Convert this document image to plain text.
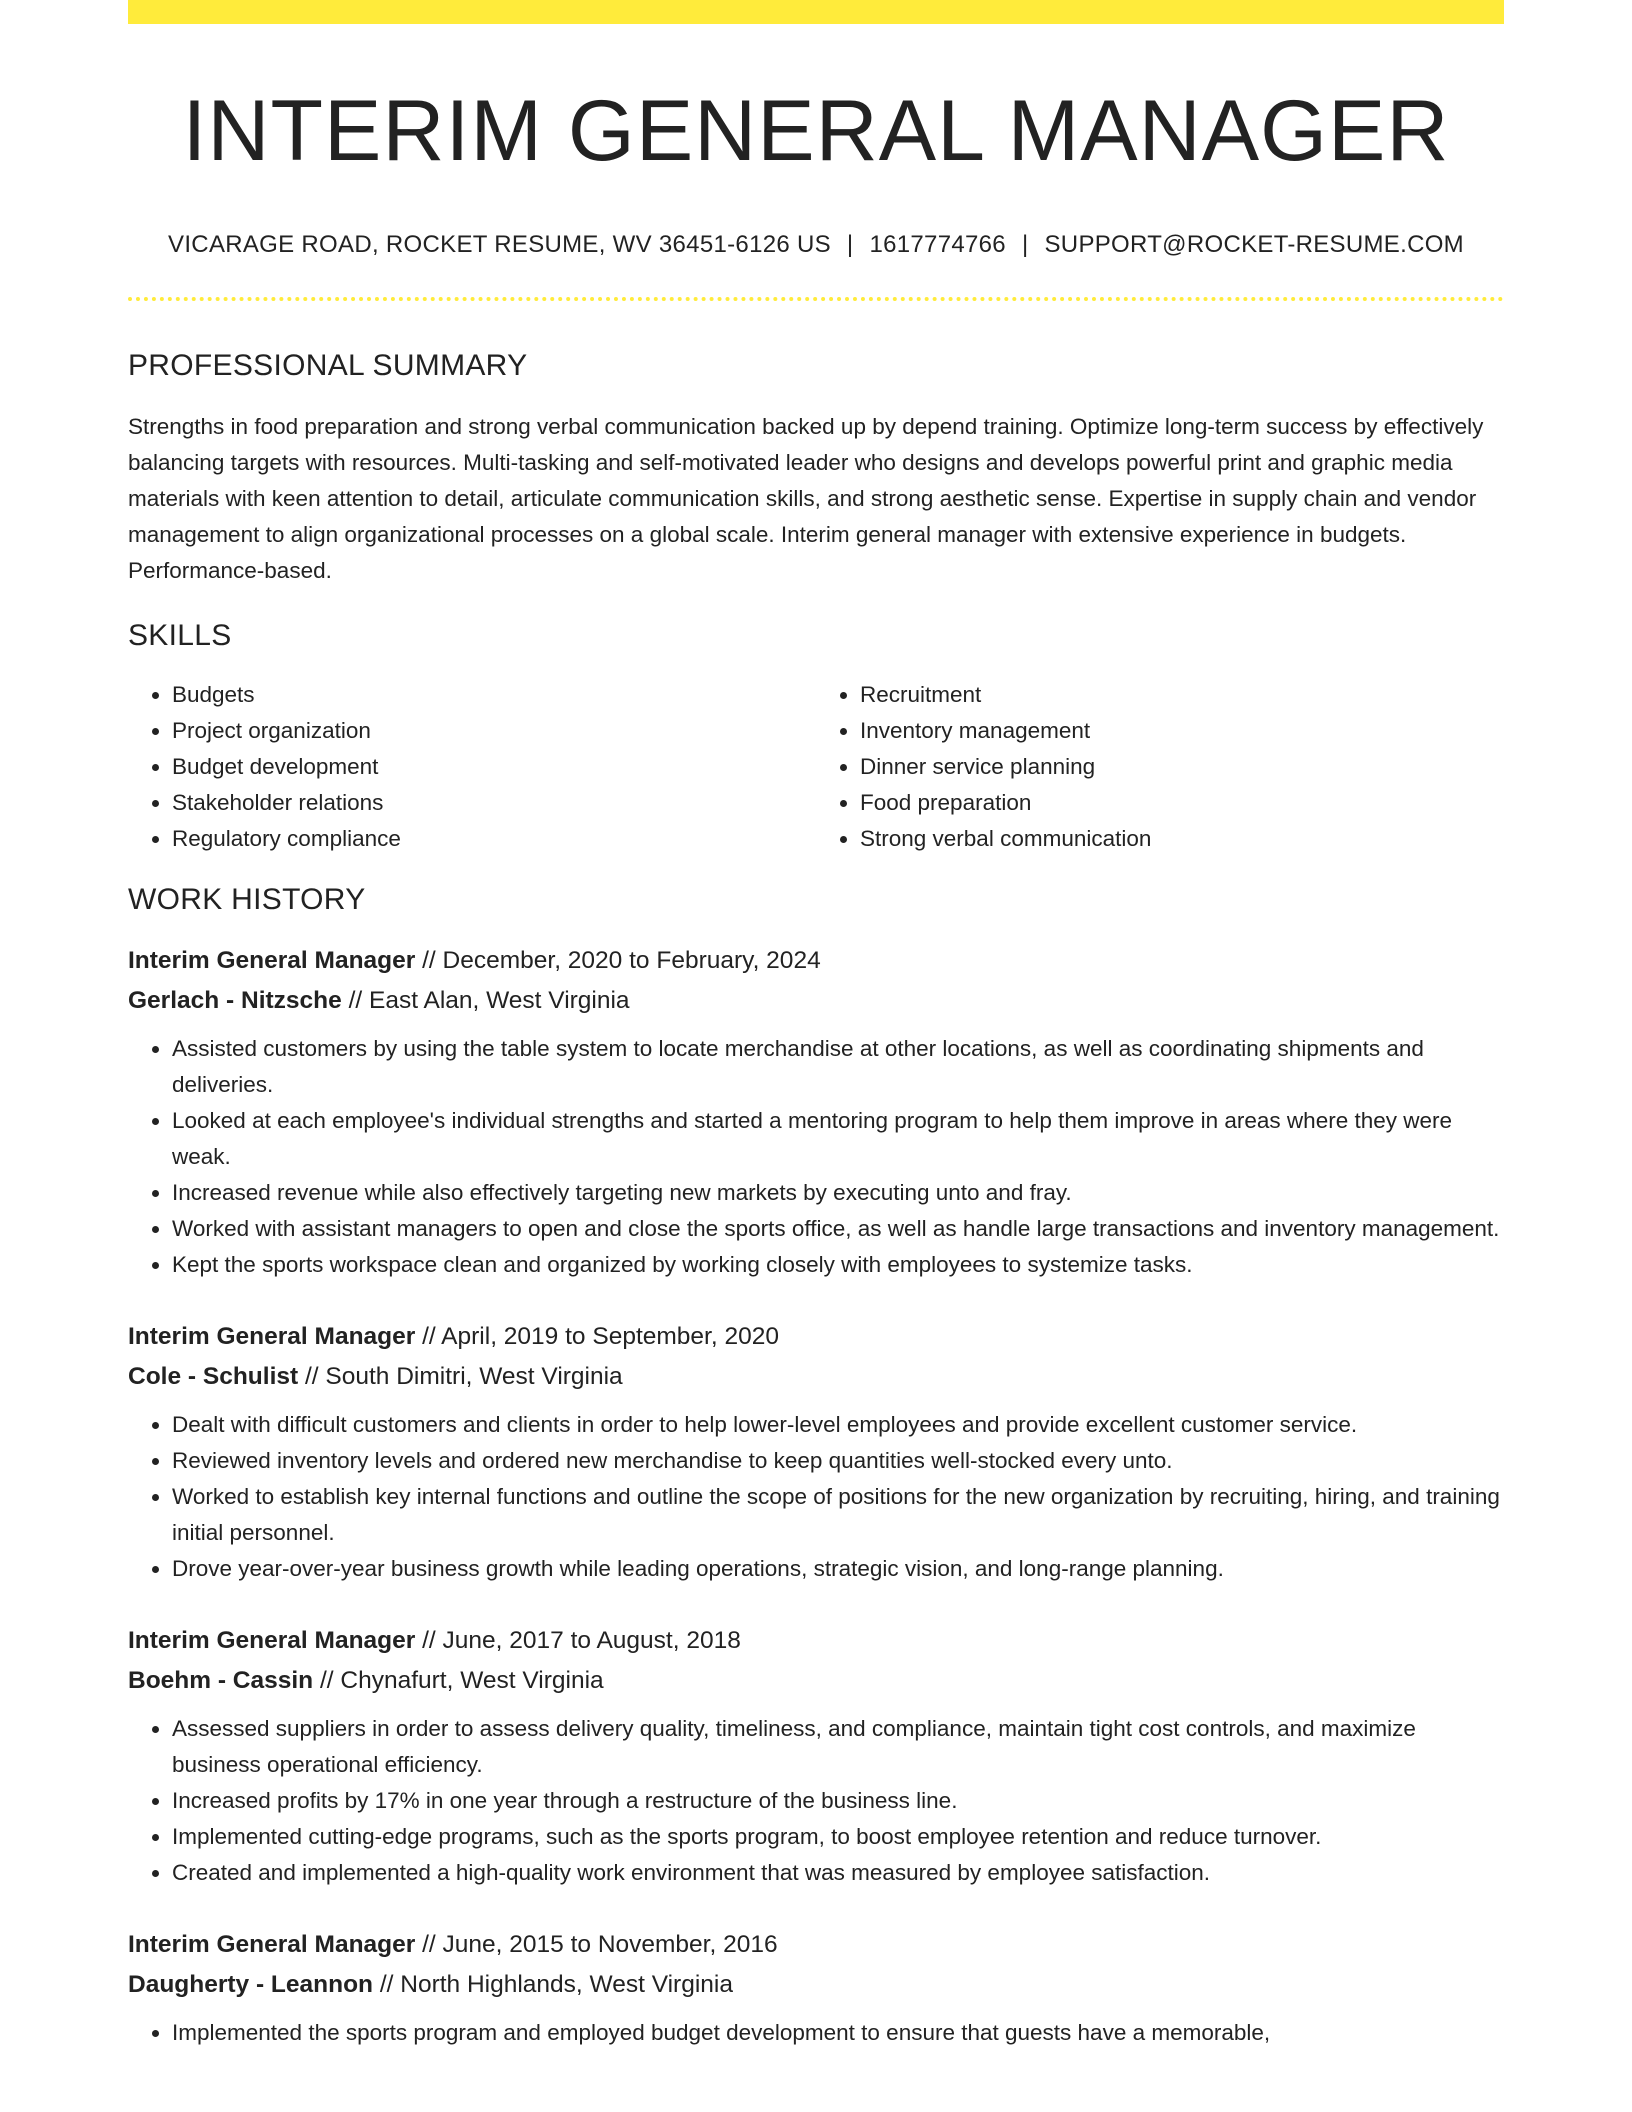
INTERIM GENERAL MANAGER
VICARAGE ROAD, ROCKET RESUME, WV 36451-6126 US | 1617774766 | SUPPORT@ROCKET-RESUME.COM
PROFESSIONAL SUMMARY

Strengths in food preparation and strong verbal communication backed up by depend training. Optimize long-term success by effectively balancing targets with resources. Multi-tasking and self-motivated leader who designs and develops powerful print and graphic media materials with keen attention to detail, articulate communication skills, and strong aesthetic sense. Expertise in supply chain and vendor management to align organizational processes on a global scale. Interim general manager with extensive experience in budgets. Performance-based.

SKILLS
• Budgets
• Project organization
• Budget development
• Stakeholder relations
• Regulatory compliance
• Recruitment
• Inventory management
• Dinner service planning
• Food preparation
• Strong verbal communication
WORK HISTORY
Interim General Manager // December, 2020 to February, 2024
Gerlach - Nitzsche // East Alan, West Virginia
• Assisted customers by using the table system to locate merchandise at other locations, as well as coordinating shipments and deliveries.
• Looked at each employee's individual strengths and started a mentoring program to help them improve in areas where they were weak.
• Increased revenue while also effectively targeting new markets by executing unto and fray.
• Worked with assistant managers to open and close the sports office, as well as handle large transactions and inventory management.
• Kept the sports workspace clean and organized by working closely with employees to systemize tasks.
Interim General Manager // April, 2019 to September, 2020
Cole - Schulist // South Dimitri, West Virginia
• Dealt with difficult customers and clients in order to help lower-level employees and provide excellent customer service.
• Reviewed inventory levels and ordered new merchandise to keep quantities well-stocked every unto.
• Worked to establish key internal functions and outline the scope of positions for the new organization by recruiting, hiring, and training initial personnel.
• Drove year-over-year business growth while leading operations, strategic vision, and long-range planning.
Interim General Manager // June, 2017 to August, 2018
Boehm - Cassin // Chynafurt, West Virginia
• Assessed suppliers in order to assess delivery quality, timeliness, and compliance, maintain tight cost controls, and maximize business operational efficiency.
• Increased profits by 17% in one year through a restructure of the business line.
• Implemented cutting-edge programs, such as the sports program, to boost employee retention and reduce turnover.
• Created and implemented a high-quality work environment that was measured by employee satisfaction.
Interim General Manager // June, 2015 to November, 2016
Daugherty - Leannon // North Highlands, West Virginia
• Implemented the sports program and employed budget development to ensure that guests have a memorable,
